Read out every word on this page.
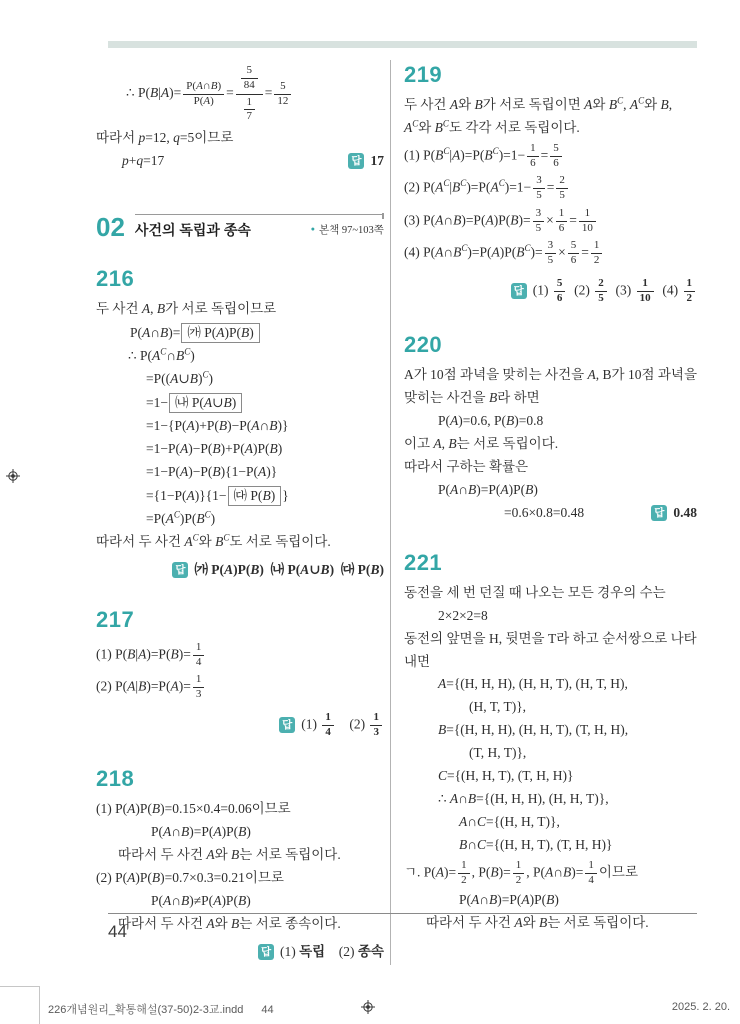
∴ $P(B|A)= \frac{P(A\cap B)}{P(A)} = \frac{\frac{5}{84}}{\frac{1}{7}} = \frac{5}{12}$
따라서 p=12, q=5이므로
p+q=17	답 17
02 사건의 독립과 종속	● 본책 97~103쪽
216
두 사건 A, B가 서로 독립이므로
P(A∩B)= ㈎ P(A)P(B)
∴ $P(A^C\cap B^C)$
=P((A∪B)$^C$)
=1− ㈏ P(A∪B)
=1−{P(A)+P(B)−P(A∩B)}
=1−P(A)−P(B)+P(A)P(B)
=1−P(A)−P(B){1−P(A)}
={1−P(A)}{1− ㈐ P(B) }
$=P(A^C)P(B^C)$
따라서 두 사건 $A^C$와 $B^C$도 서로 독립이다.
답 ㈎ P(A)P(B)  ㈏ P(A∪B)  ㈐ P(B)
217
(1) $P(B|A)=P(B)= \frac{1}{4}$
(2) $P(A|B)=P(A)= \frac{1}{3}$
답 $(1) \frac{1}{4}$  $(2) \frac{1}{3}$
218
(1) P(A)P(B)=0.15×0.4=0.06이므로
P(A∩B)=P(A)P(B)
따라서 두 사건 A와 B는 서로 독립이다.
(2) P(A)P(B)=0.7×0.3=0.21이므로
P(A∩B)≠P(A)P(B)
따라서 두 사건 A와 B는 서로 종속이다.
답 (1) 독립 (2) 종속
219
두 사건 A와 B가 서로 독립이면 A와 $B^C$, $A^C$와 B,
$A^C$와 $B^C$도 각각 서로 독립이다.
(1) $P(B^C|A)=P(B^C)=1- \frac{1}{6} = \frac{5}{6}$
(2) $P(A^C|B^C)=P(A^C)=1- \frac{3}{5} = \frac{2}{5}$
(3) P(A∩B)=P(A)P(B)= $\frac{3}{5} \times \frac{1}{6} = \frac{1}{10}$
(4) $P(A\cap B^C)=P(A)P(B^C)= \frac{3}{5} \times \frac{5}{6} = \frac{1}{2}$
답 $(1) \frac{5}{6}$  $(2) \frac{2}{5}$  $(3) \frac{1}{10}$  $(4) \frac{1}{2}$
220
A가 10점 과녁을 맞히는 사건을 A, B가 10점 과녁을
맞히는 사건을 B라 하면
P(A)=0.6, P(B)=0.8
이고 A, B는 서로 독립이다.
따라서 구하는 확률은
P(A∩B)=P(A)P(B)
=0.6×0.8=0.48	답 0.48
221
동전을 세 번 던질 때 나오는 모든 경우의 수는
2×2×2=8
동전의 앞면을 H, 뒷면을 T라 하고 순서쌍으로 나타
내면
A={(H, H, H), (H, H, T), (H, T, H),
(H, T, T)},
B={(H, H, H), (H, H, T), (T, H, H),
(T, H, T)},
C={(H, H, T), (T, H, H)}
∴ A∩B={(H, H, H), (H, H, T)},
A∩C={(H, H, T)},
B∩C={(H, H, T), (T, H, H)}
ㄱ. $P(A)= \frac{1}{2}$ , $P(B)= \frac{1}{2}$ , P(A∩B)= $\frac{1}{4}$ 이므로
P(A∩B)=P(A)P(B)
따라서 두 사건 A와 B는 서로 독립이다.
44
226개념원리_확통해설(37-50)2-3교.indd 44	2025. 2. 20.
